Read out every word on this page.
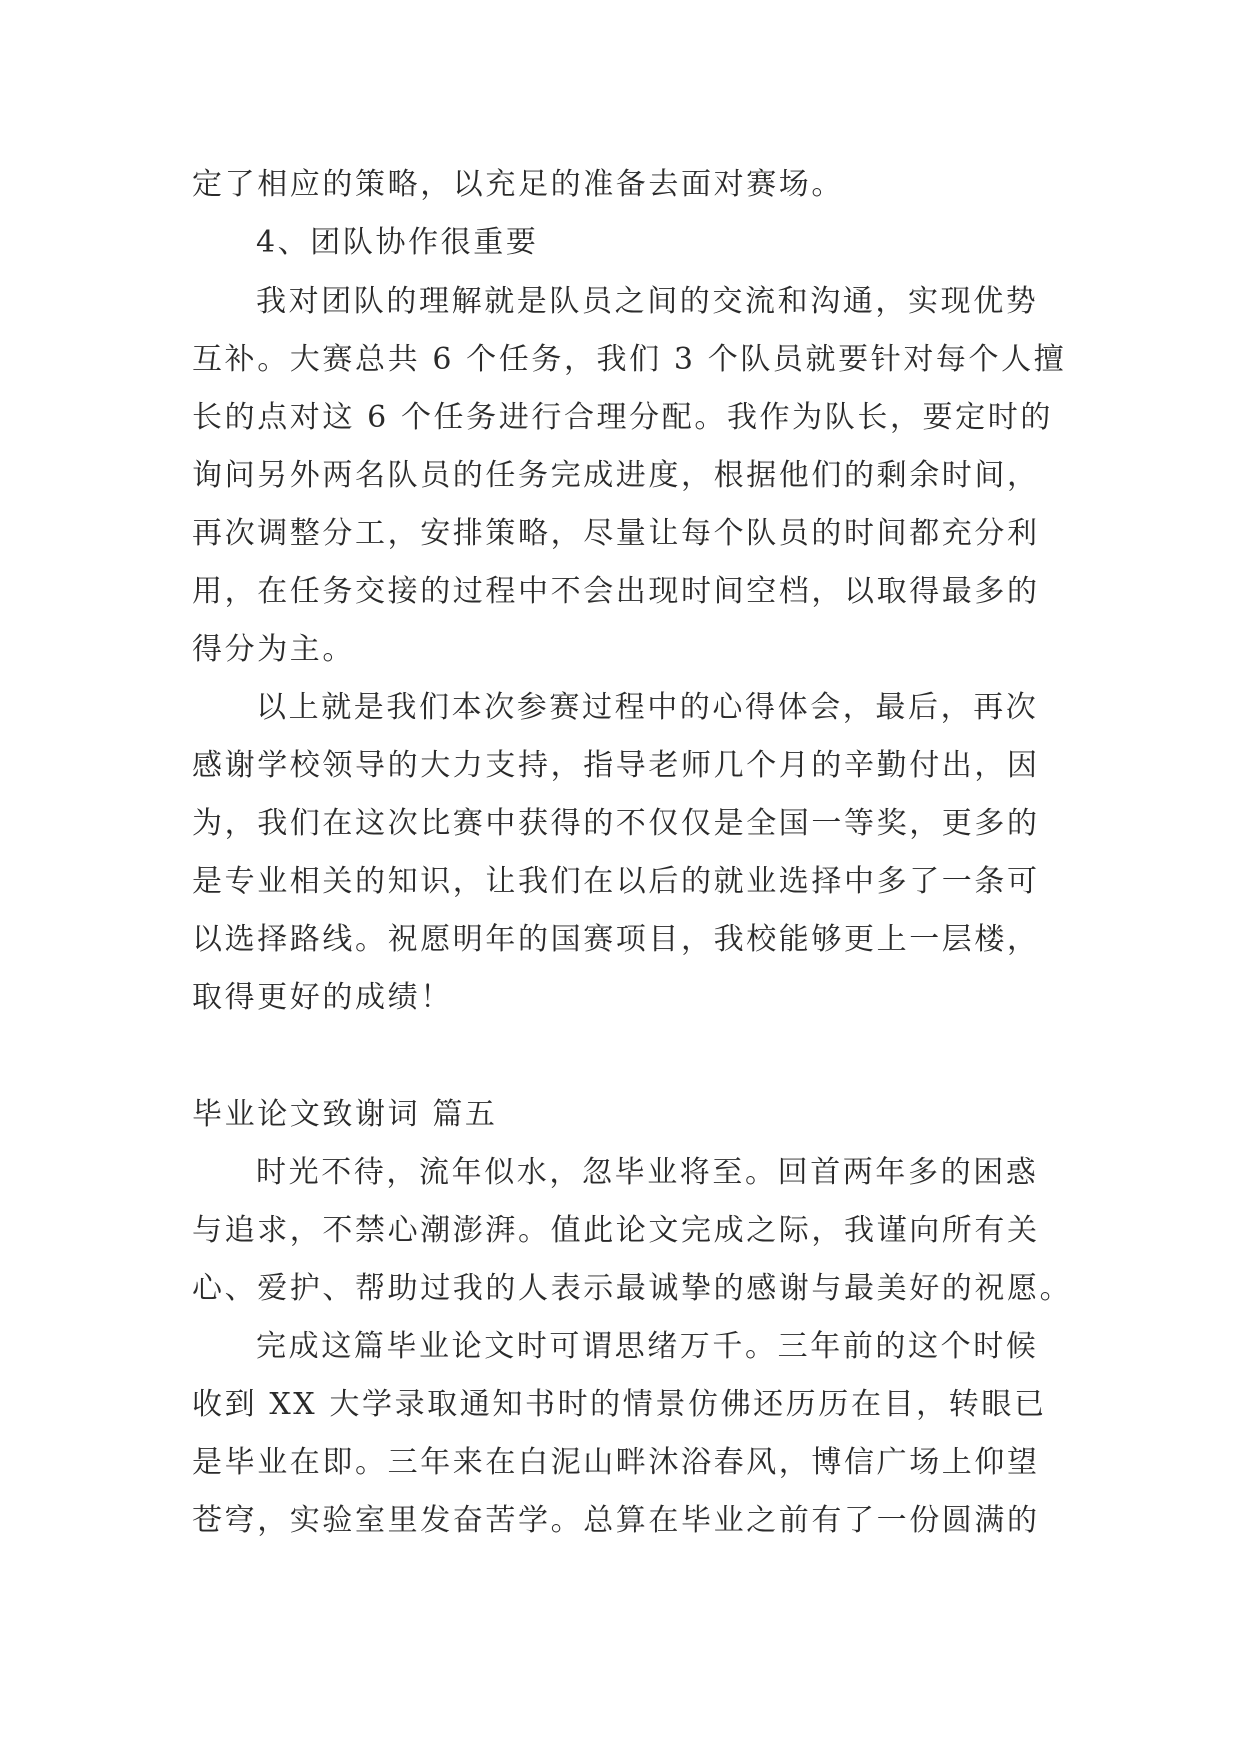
定了相应的策略，以充足的准备去面对赛场。
4、团队协作很重要
我对团队的理解就是队员之间的交流和沟通，实现优势
互补。大赛总共 6 个任务，我们 3 个队员就要针对每个人擅
长的点对这 6 个任务进行合理分配。我作为队长，要定时的
询问另外两名队员的任务完成进度，根据他们的剩余时间，
再次调整分工，安排策略，尽量让每个队员的时间都充分利
用，在任务交接的过程中不会出现时间空档，以取得最多的
得分为主。
以上就是我们本次参赛过程中的心得体会，最后，再次
感谢学校领导的大力支持，指导老师几个月的辛勤付出，因
为，我们在这次比赛中获得的不仅仅是全国一等奖，更多的
是专业相关的知识，让我们在以后的就业选择中多了一条可
以选择路线。祝愿明年的国赛项目，我校能够更上一层楼，
取得更好的成绩！
毕业论文致谢词 篇五
时光不待，流年似水，忽毕业将至。回首两年多的困惑
与追求，不禁心潮澎湃。值此论文完成之际，我谨向所有关
心、爱护、帮助过我的人表示最诚挚的感谢与最美好的祝愿。
完成这篇毕业论文时可谓思绪万千。三年前的这个时候
收到 XX 大学录取通知书时的情景仿佛还历历在目，转眼已
是毕业在即。三年来在白泥山畔沐浴春风，博信广场上仰望
苍穹，实验室里发奋苦学。总算在毕业之前有了一份圆满的
